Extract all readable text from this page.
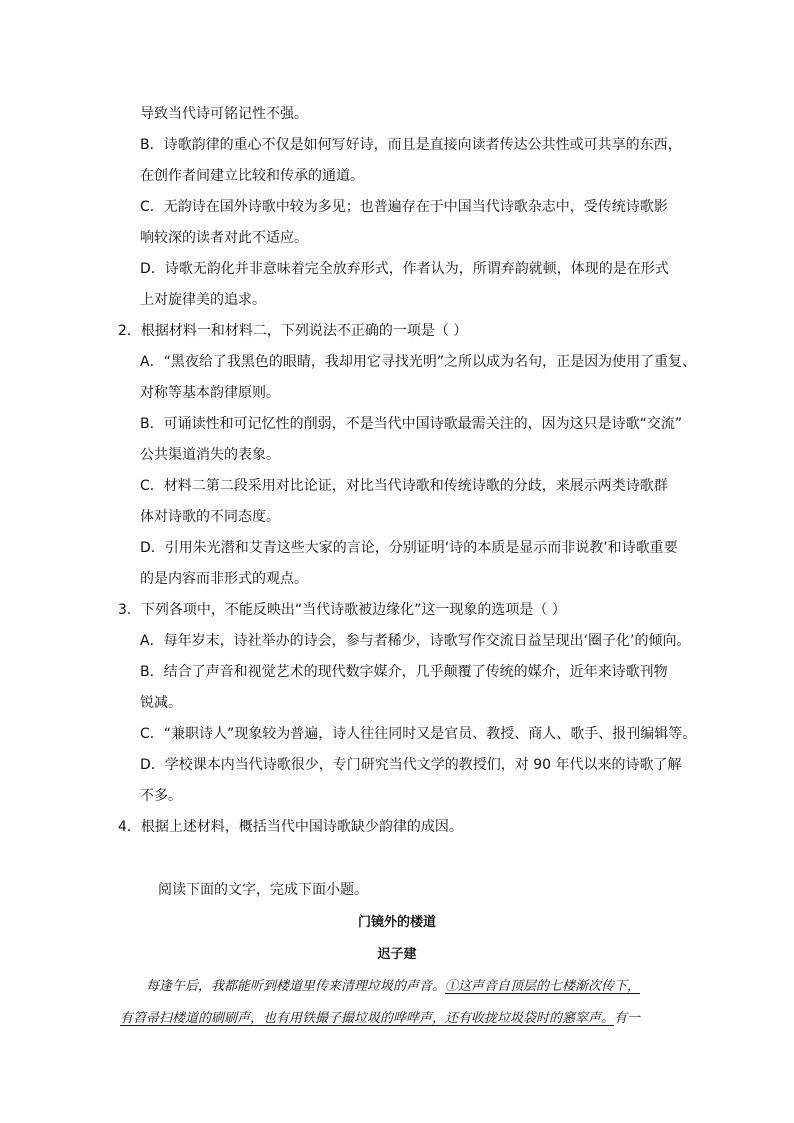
导致当代诗可铭记性不强。
B．诗歌韵律的重心不仅是如何写好诗，而且是直接向读者传达公共性或可共享的东西，
在创作者间建立比较和传承的通道。
C．无韵诗在国外诗歌中较为多见；也普遍存在于中国当代诗歌杂志中，受传统诗歌影
响较深的读者对此不适应。
D．诗歌无韵化并非意味着完全放弃形式，作者认为，所谓弃韵就顿，体现的是在形式
上对旋律美的追求。
2．根据材料一和材料二，下列说法不正确的一项是（ ）
A．“黑夜给了我黑色的眼睛，我却用它寻找光明”之所以成为名句，正是因为使用了重复、
对称等基本韵律原则。
B．可诵读性和可记忆性的削弱，不是当代中国诗歌最需关注的，因为这只是诗歌“交流”
公共渠道消失的表象。
C．材料二第二段采用对比论证，对比当代诗歌和传统诗歌的分歧，来展示两类诗歌群
体对诗歌的不同态度。
D．引用朱光潜和艾青这些大家的言论，分别证明‘诗的本质是显示而非说教’和诗歌重要
的是内容而非形式的观点。
3．下列各项中，不能反映出“当代诗歌被边缘化”这一现象的选项是（ ）
A．每年岁末，诗社举办的诗会，参与者稀少，诗歌写作交流日益呈现出‘圈子化’的倾向。
B．结合了声音和视觉艺术的现代数字媒介，几乎颠覆了传统的媒介，近年来诗歌刊物
锐减。
C．“兼职诗人”现象较为普遍，诗人往往同时又是官员、教授、商人、歌手、报刊编辑等。
D．学校课本内当代诗歌很少，专门研究当代文学的教授们，对 90 年代以来的诗歌了解
不多。
4．根据上述材料，概括当代中国诗歌缺少韵律的成因。
阅读下面的文字，完成下面小题。
门镜外的楼道
迟子建
每逢午后，我都能听到楼道里传来清理垃圾的声音。①这声音自顶层的七楼渐次传下，
有笤帚扫楼道的刷刷声，也有用铁撮子撮垃圾的哗哗声，还有收拢垃圾袋时的窸窣声。有一
